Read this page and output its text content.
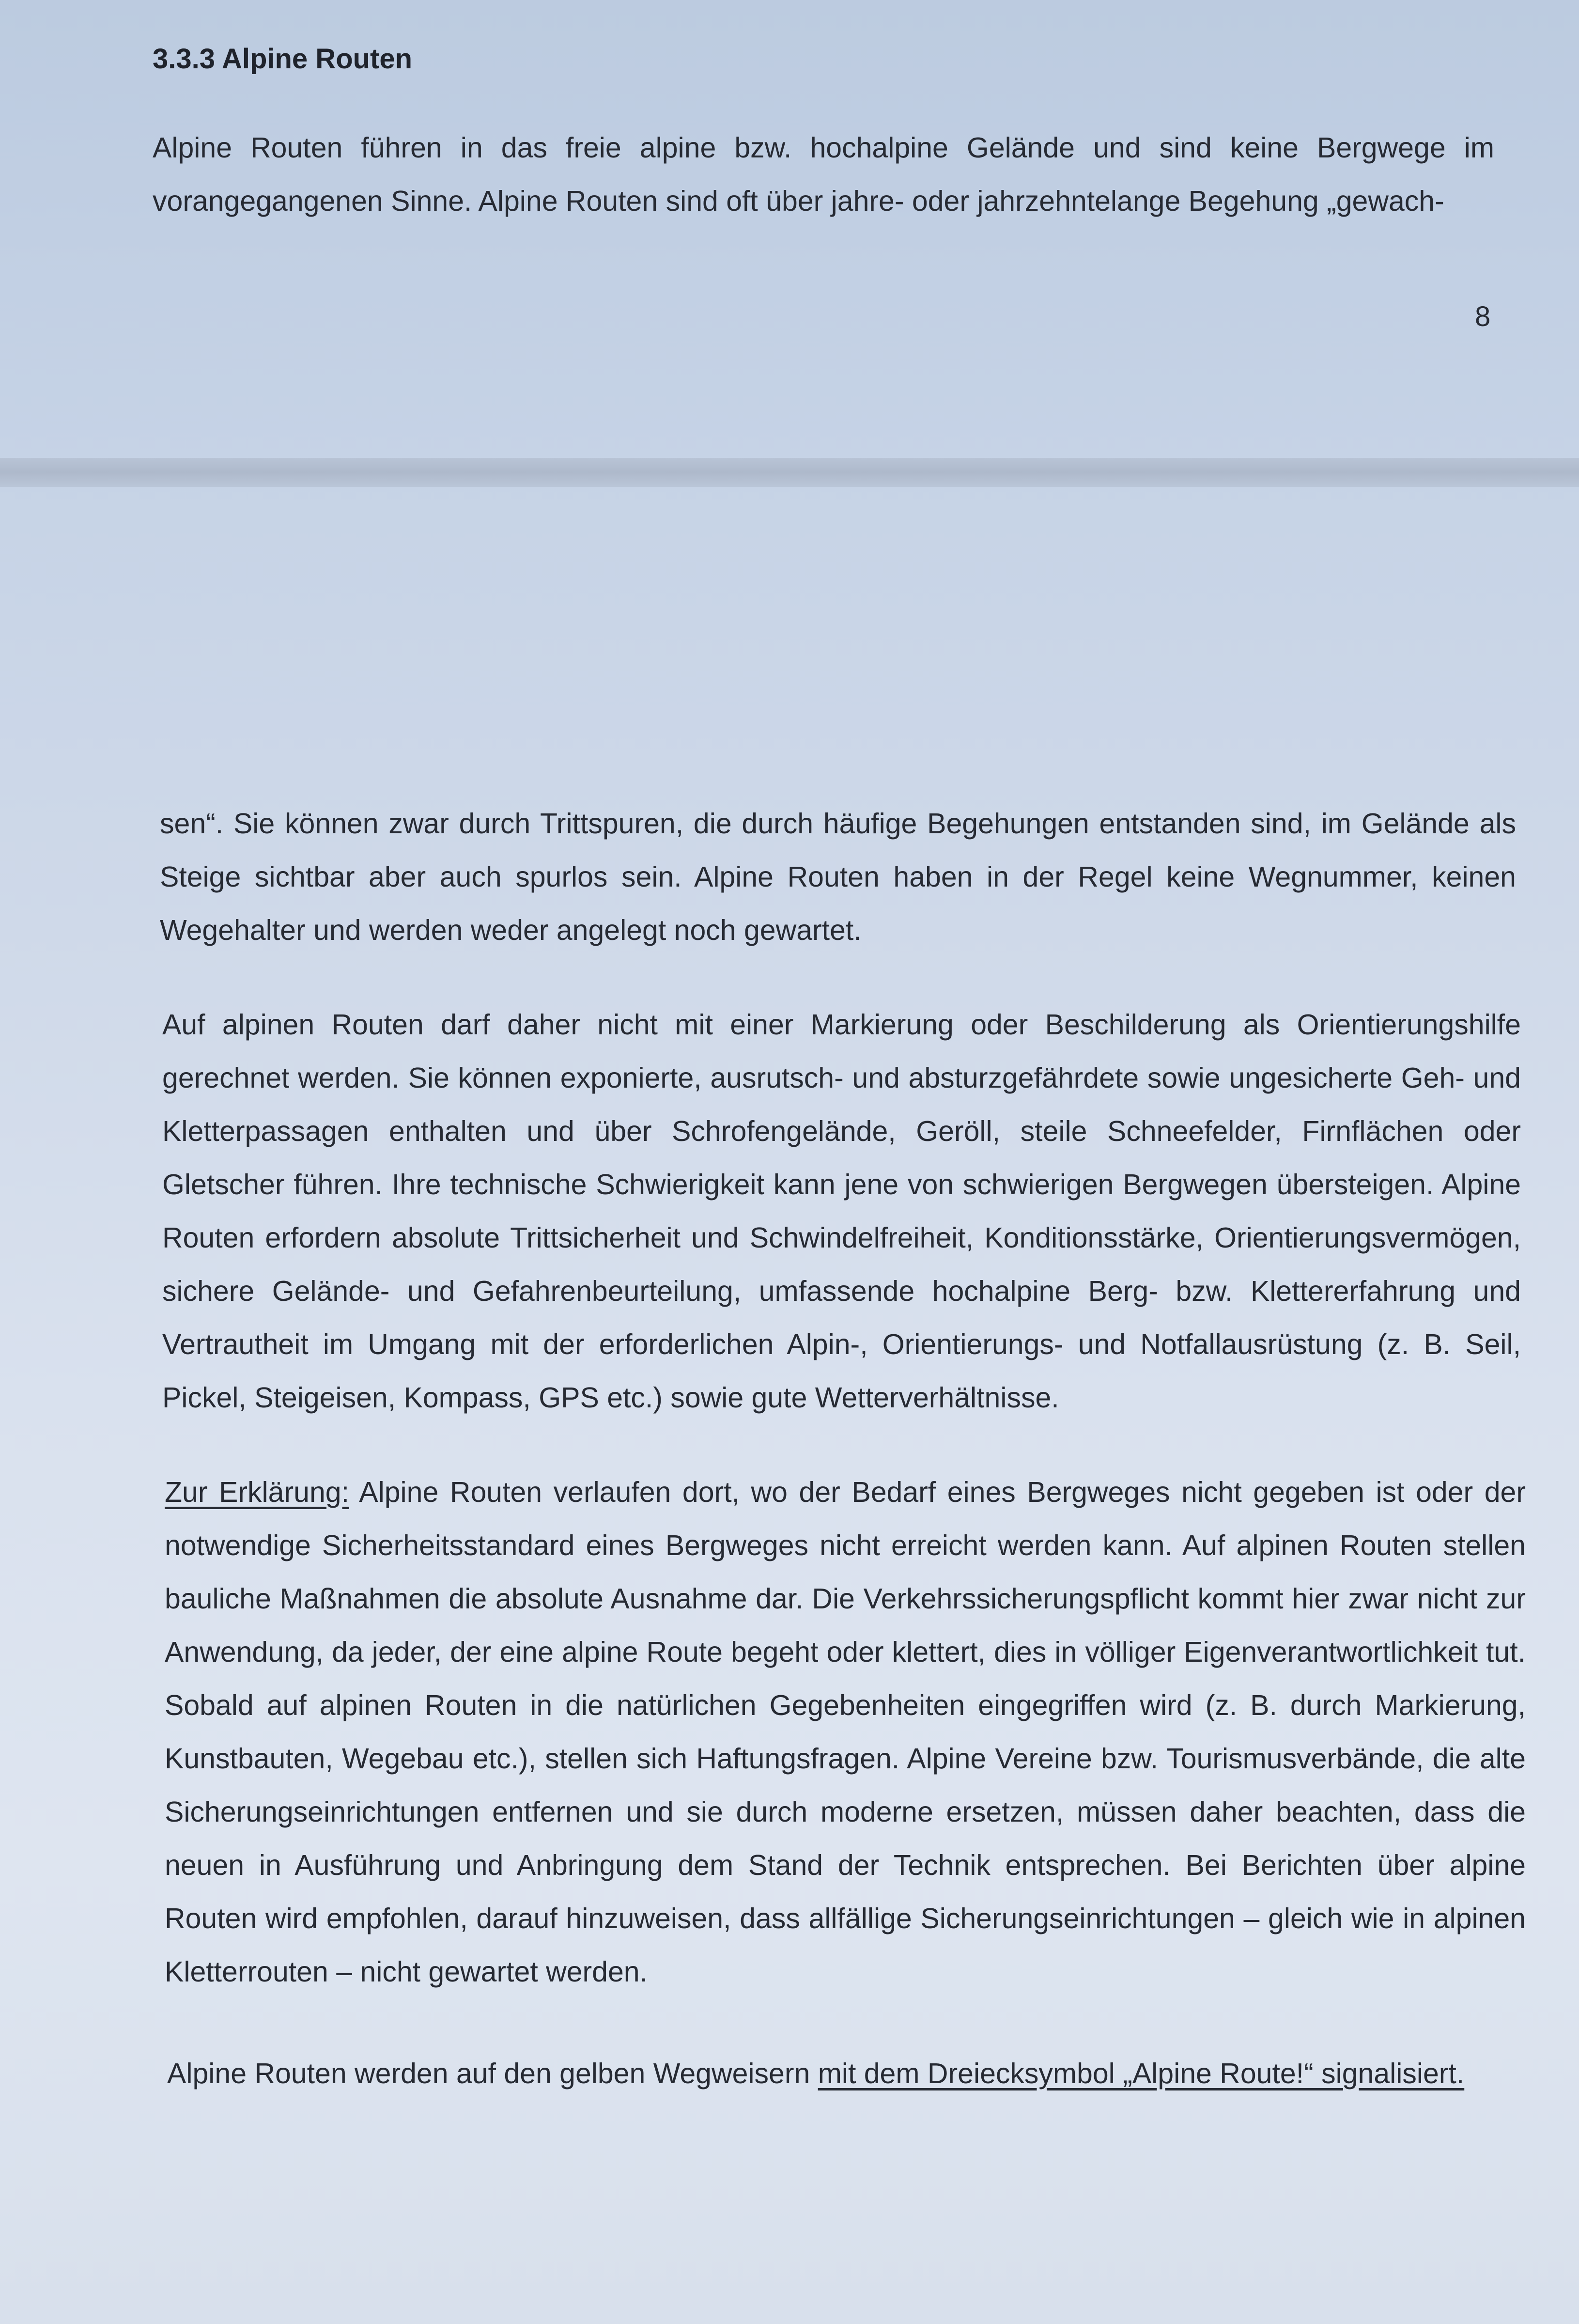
3.3.3 Alpine Routen
Alpine Routen führen in das freie alpine bzw. hochalpine Gelände und sind keine Bergwege im vorangegangenen Sinne. Alpine Routen sind oft über jahre- oder jahrzehntelange Begehung „gewach-
8
sen“. Sie können zwar durch Trittspuren, die durch häufige Begehungen entstanden sind, im Gelände als Steige sichtbar aber auch spurlos sein. Alpine Routen haben in der Regel keine Wegnummer, keinen Wegehalter und werden weder angelegt noch gewartet.
Auf alpinen Routen darf daher nicht mit einer Markierung oder Beschilderung als Orientierungshilfe gerechnet werden. Sie können exponierte, ausrutsch- und absturzgefährdete sowie ungesicherte Geh- und Kletterpassagen enthalten und über Schrofengelände, Geröll, steile Schneefelder, Firnflächen oder Gletscher führen. Ihre technische Schwierigkeit kann jene von schwierigen Bergwegen übersteigen. Alpine Routen erfordern absolute Trittsicherheit und Schwindelfreiheit, Konditionsstärke, Orientierungsvermögen, sichere Gelände- und Gefahrenbeurteilung, umfassende hochalpine Berg- bzw. Klettererfahrung und Vertrautheit im Umgang mit der erforderlichen Alpin-, Orientierungs- und Notfallausrüstung (z. B. Seil, Pickel, Steigeisen, Kompass, GPS etc.) sowie gute Wetterverhältnisse.
Zur Erklärung: Alpine Routen verlaufen dort, wo der Bedarf eines Bergweges nicht gegeben ist oder der notwendige Sicherheitsstandard eines Bergweges nicht erreicht werden kann. Auf alpinen Routen stellen bauliche Maßnahmen die absolute Ausnahme dar. Die Verkehrssicherungspflicht kommt hier zwar nicht zur Anwendung, da jeder, der eine alpine Route begeht oder klettert, dies in völliger Eigenverantwortlichkeit tut. Sobald auf alpinen Routen in die natürlichen Gegebenheiten eingegriffen wird (z. B. durch Markierung, Kunstbauten, Wegebau etc.), stellen sich Haftungsfragen. Alpine Vereine bzw. Tourismusverbände, die alte Sicherungseinrichtungen entfernen und sie durch moderne ersetzen, müssen daher beachten, dass die neuen in Ausführung und Anbringung dem Stand der Technik entsprechen. Bei Berichten über alpine Routen wird empfohlen, darauf hinzuweisen, dass allfällige Sicherungseinrichtungen – gleich wie in alpinen Kletterrouten – nicht gewartet werden.
Alpine Routen werden auf den gelben Wegweisern mit dem Dreiecksymbol „Alpine Route!“ signalisiert.
